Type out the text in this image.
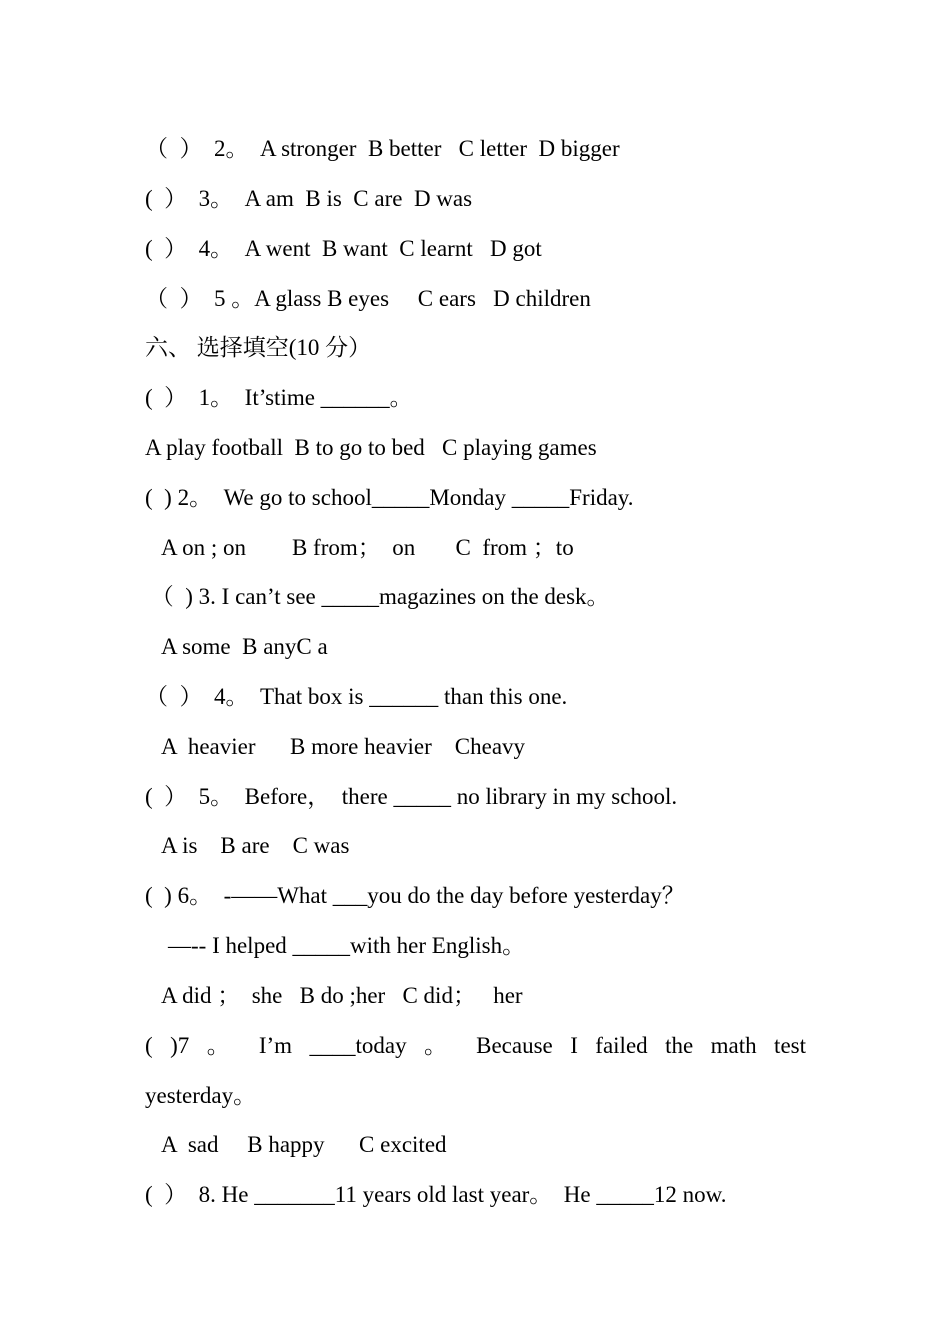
（  ）  2。  A stronger  B better   C letter  D bigger
(  ）  3。  A am  B is  C are  D was
(  ）  4。  A went  B want  C learnt   D got
（  ）  5 。A glass B eyes     C ears   D children
六、 选择填空(10 分）
(  ）  1。  It’stime ______。
A play football  B to go to bed   C playing games
(  ) 2。  We go to school_____Monday _____Friday.
A on ; on        B from；  on       C  from ；to
（  ) 3. I can’t see _____magazines on the desk。
A some  B anyC a
（  ）  4。  That box is ______ than this one.
A  heavier      B more heavier    Cheavy
(  ）  5。  Before，  there _____ no library in my school.
A is    B are    C was
(  ) 6。  -——What ___you do the day before yesterday？
—-- I helped _____with her English。
A did ；  she   B do ;her   C did；   her
( )7 。 I’m ____today 。 Because I failed the math test
yesterday。
A  sad     B happy      C excited
(  ）  8. He _______11 years old last year。  He _____12 now.
